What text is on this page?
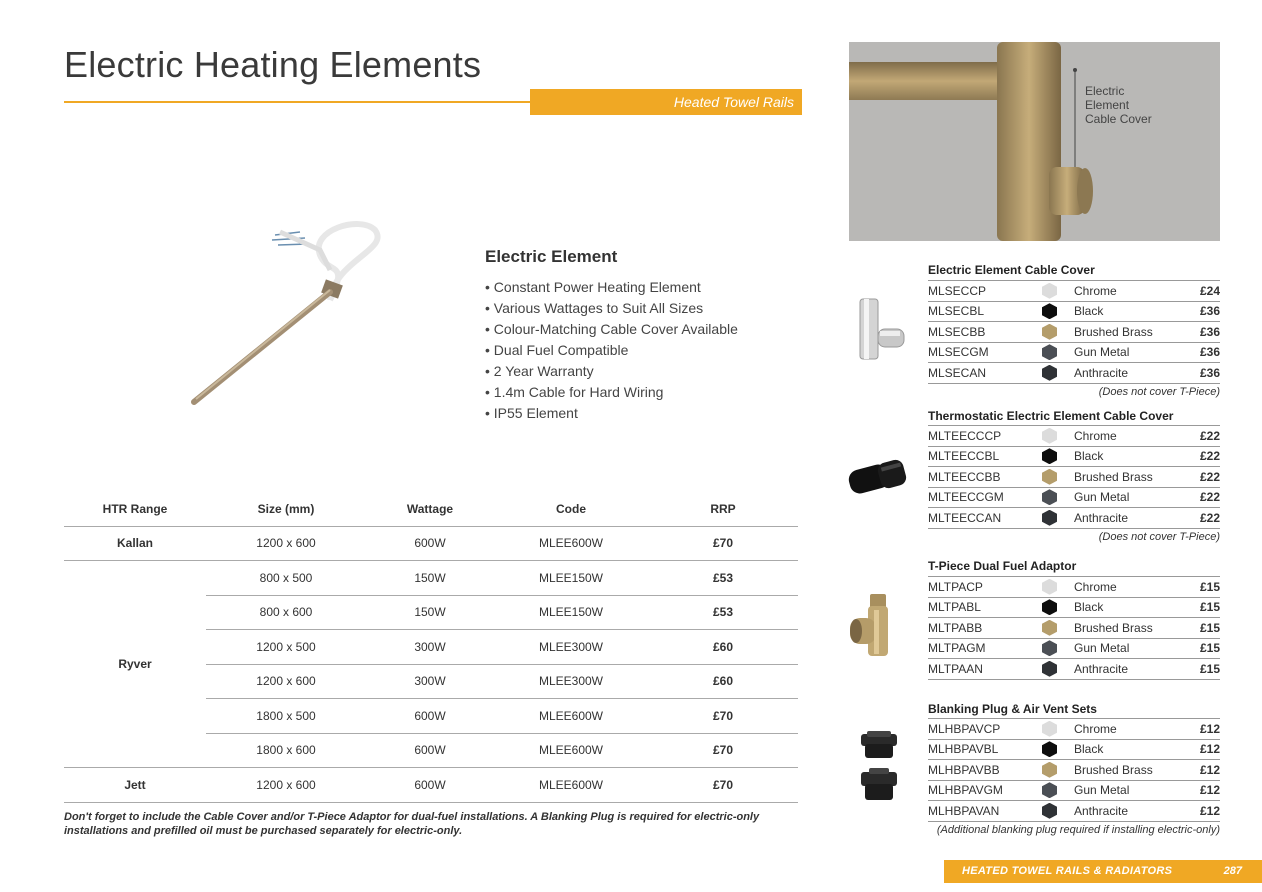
Electric Heating Elements
Heated Towel Rails
Electric Element
• Constant Power Heating Element
• Various Wattages to Suit All Sizes
• Colour-Matching Cable Cover Available
• Dual Fuel Compatible
• 2 Year Warranty
• 1.4m Cable for Hard Wiring
• IP55 Element
HTR Range	Size (mm)	Wattage	Code	RRP
Kallan	1200 x 600	600W	MLEE600W	£70
Ryver	800 x 500	150W	MLEE150W	£53
	800 x 600	150W	MLEE150W	£53
	1200 x 500	300W	MLEE300W	£60
	1200 x 600	300W	MLEE300W	£60
	1800 x 500	600W	MLEE600W	£70
	1800 x 600	600W	MLEE600W	£70
Jett	1200 x 600	600W	MLEE600W	£70

Don't forget to include the Cable Cover and/or T-Piece Adaptor for dual-fuel installations. A Blanking Plug is required for electric-only installations and prefilled oil must be purchased separately for electric-only.

Electric
Element
Cable Cover
Electric Element Cable Cover
MLSECCP		Chrome	£24
MLSECBL		Black	£36
MLSECBB		Brushed Brass	£36
MLSECGM		Gun Metal	£36
MLSECAN		Anthracite	£36
(Does not cover T-Piece)
Thermostatic Electric Element Cable Cover
MLTEECCCP		Chrome	£22
MLTEECCBL		Black	£22
MLTEECCBB		Brushed Brass	£22
MLTEECCGM		Gun Metal	£22
MLTEECCAN		Anthracite	£22
(Does not cover T-Piece)
T-Piece Dual Fuel Adaptor
MLTPACP		Chrome	£15
MLTPABL		Black	£15
MLTPABB		Brushed Brass	£15
MLTPAGM		Gun Metal	£15
MLTPAAN		Anthracite	£15
Blanking Plug & Air Vent Sets
MLHBPAVCP		Chrome	£12
MLHBPAVBL		Black	£12
MLHBPAVBB		Brushed Brass	£12
MLHBPAVGM		Gun Metal	£12
MLHBPAVAN		Anthracite	£12
(Additional blanking plug required if installing electric-only)
HEATED TOWEL RAILS & RADIATORS	287
